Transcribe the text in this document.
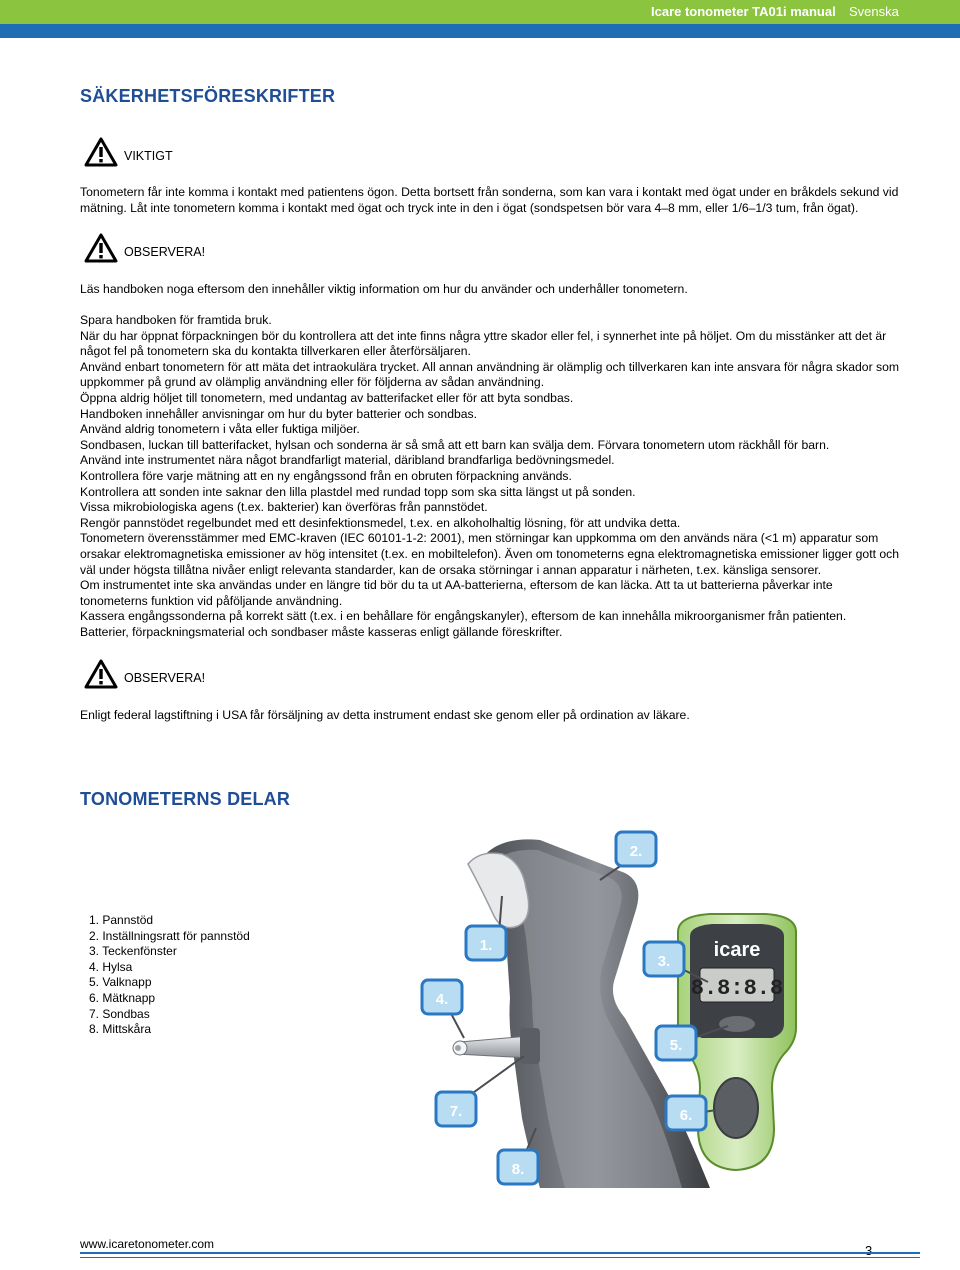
Icare tonometer TA01i manual Svenska
SÄKERHETSFÖRESKRIFTER
VIKTIGT

Tonometern får inte komma i kontakt med patientens ögon. Detta bortsett från sonderna, som kan vara i kontakt med ögat under en bråkdels sekund vid mätning. Låt inte tonometern komma i kontakt med ögat och tryck inte in den i ögat (sondspetsen bör vara 4–8 mm, eller 1/6–1/3 tum, från ögat).

OBSERVERA!

Läs handboken noga eftersom den innehåller viktig information om hur du använder och underhåller tonometern.

Spara handboken för framtida bruk.

När du har öppnat förpackningen bör du kontrollera att det inte finns några yttre skador eller fel, i synnerhet inte på höljet. Om du misstänker att det är något fel på tonometern ska du kontakta tillverkaren eller återförsäljaren.

Använd enbart tonometern för att mäta det intraokulära trycket. All annan användning är olämplig och tillverkaren kan inte ansvara för några skador som uppkommer på grund av olämplig användning eller för följderna av sådan användning.

Öppna aldrig höljet till tonometern, med undantag av batterifacket eller för att byta sondbas.

Handboken innehåller anvisningar om hur du byter batterier och sondbas.

Använd aldrig tonometern i våta eller fuktiga miljöer.

Sondbasen, luckan till batterifacket, hylsan och sonderna är så små att ett barn kan svälja dem. Förvara tonometern utom räckhåll för barn.

Använd inte instrumentet nära något brandfarligt material, däribland brandfarliga bedövningsmedel.

Kontrollera före varje mätning att en ny engångssond från en obruten förpackning används.

Kontrollera att sonden inte saknar den lilla plastdel med rundad topp som ska sitta längst ut på sonden.

Vissa mikrobiologiska agens (t.ex. bakterier) kan överföras från pannstödet.

Rengör pannstödet regelbundet med ett desinfektionsmedel, t.ex. en alkoholhaltig lösning, för att undvika detta.

Tonometern överensstämmer med EMC-kraven (IEC 60101-1-2: 2001), men störningar kan uppkomma om den används nära (<1 m) apparatur som orsakar elektromagnetiska emissioner av hög intensitet (t.ex. en mobiltelefon). Även om tonometerns egna elektromagnetiska emissioner ligger gott och väl under högsta tillåtna nivåer enligt relevanta standarder, kan de orsaka störningar i annan apparatur i närheten, t.ex. känsliga sensorer.

Om instrumentet inte ska användas under en längre tid bör du ta ut AA-batterierna, eftersom de kan läcka. Att ta ut batterierna påverkar inte tonometerns funktion vid påföljande användning.

Kassera engångssonderna på korrekt sätt (t.ex. i en behållare för engångskanyler), eftersom de kan innehålla mikroorganismer från patienten.

Batterier, förpackningsmaterial och sondbaser måste kasseras enligt gällande föreskrifter.

OBSERVERA!

Enligt federal lagstiftning i USA får försäljning av detta instrument endast ske genom eller på ordination av läkare.

TONOMETERNS DELAR
1. Pannstöd
2. Inställningsratt för pannstöd
3. Teckenfönster
4. Hylsa
5. Valknapp
6. Mätknapp
7. Sondbas
8. Mittskåra
icare
8.8:8.8
2.
1.
3.
4.
5.
6.
7.
8.
www.icaretonometer.com	3
